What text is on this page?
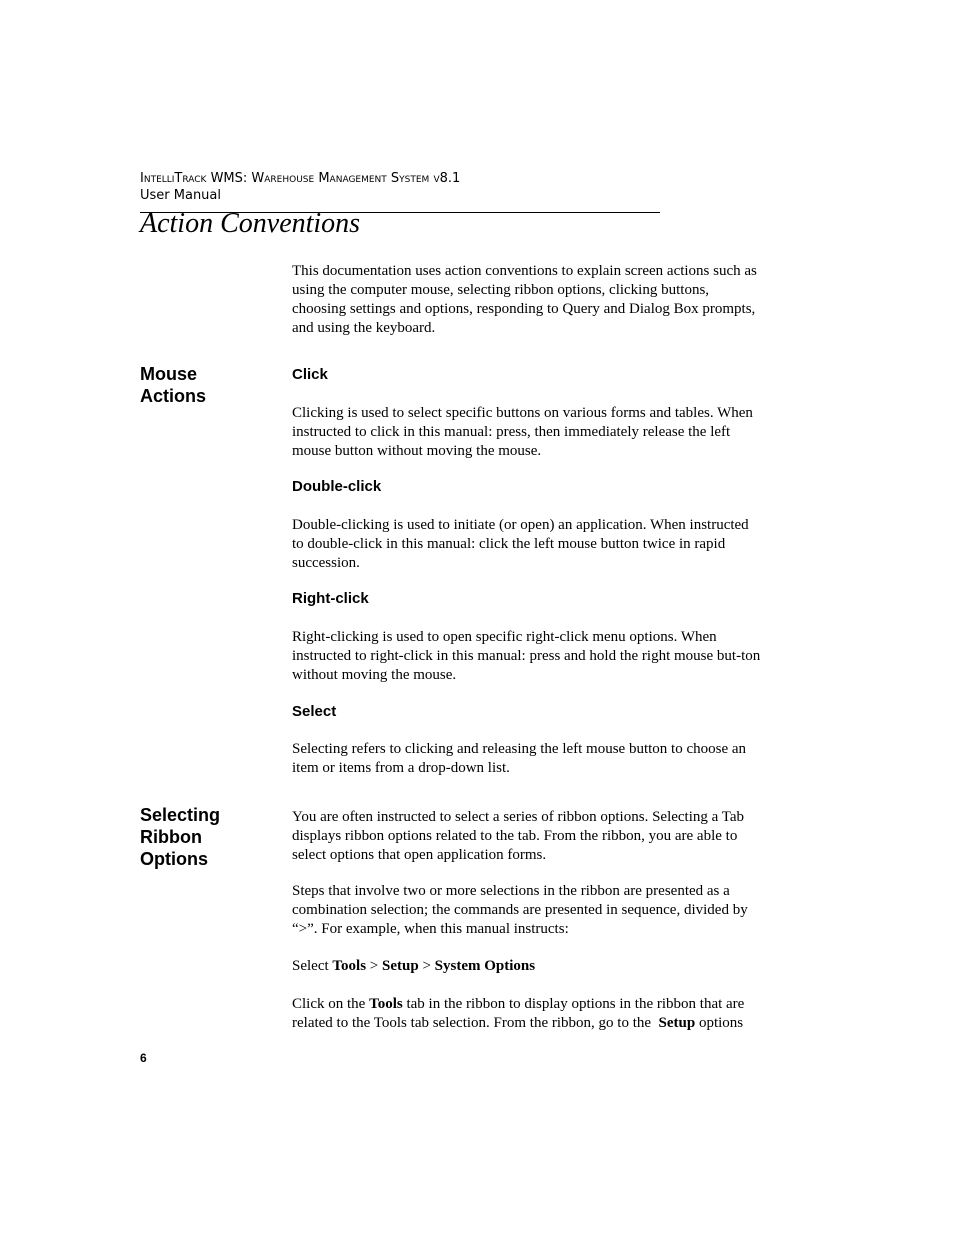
IntelliTrack WMS: Warehouse Management System v8.1
User Manual
Action Conventions

This documentation uses action conventions to explain screen actions such as using the computer mouse, selecting ribbon options, clicking buttons, choosing settings and options, responding to Query and Dialog Box prompts, and using the keyboard.

Mouse
Actions
Click

Clicking is used to select specific buttons on various forms and tables. When instructed to click in this manual: press, then immediately release the left mouse button without moving the mouse.

Double-click

Double-clicking is used to initiate (or open) an application. When instructed to double-click in this manual: click the left mouse button twice in rapid succession.

Right-click

Right-clicking is used to open specific right-click menu options. When instructed to right-click in this manual: press and hold the right mouse but-ton without moving the mouse.

Select

Selecting refers to clicking and releasing the left mouse button to choose an item or items from a drop-down list.

Selecting
Ribbon
Options

You are often instructed to select a series of ribbon options. Selecting a Tab displays ribbon options related to the tab. From the ribbon, you are able to select options that open application forms.

Steps that involve two or more selections in the ribbon are presented as a combination selection; the commands are presented in sequence, divided by “>”. For example, when this manual instructs:

Select Tools > Setup > System Options

Click on the Tools tab in the ribbon to display options in the ribbon that are related to the Tools tab selection. From the ribbon, go to the  Setup options

6
